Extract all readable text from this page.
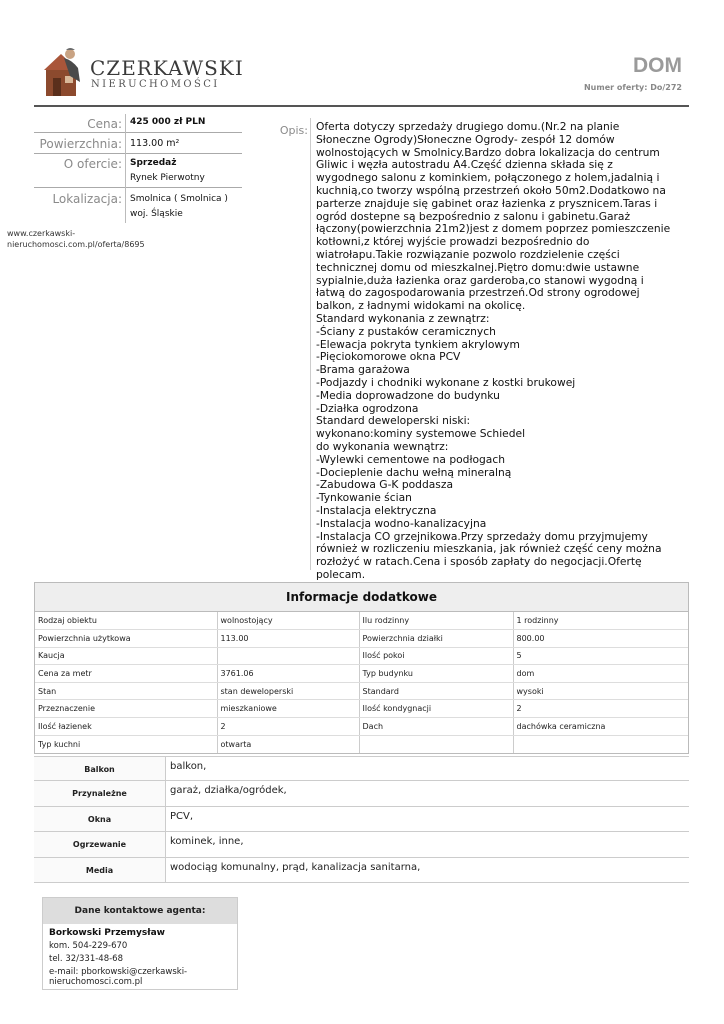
CZERKAWSKI
NIERUCHOMOŚCI
DOM
Numer oferty: Do/272
Cena: 425 000 zł PLN
Powierzchnia: 113.00 m²
O ofercie: Sprzedaż
Rynek Pierwotny
Lokalizacja: Smolnica ( Smolnica )
woj. Śląskie
www.czerkawski-
nieruchomosci.com.pl/oferta/8695
Opis: Oferta dotyczy sprzedaży drugiego domu.(Nr.2 na planie
Słoneczne Ogrody)Słoneczne Ogrody- zespół 12 domów
wolnostojących w Smolnicy.Bardzo dobra lokalizacja do centrum
Gliwic i węzła autostradu A4.Część dzienna składa się z
wygodnego salonu z kominkiem, połączonego z holem,jadalnią i
kuchnią,co tworzy wspólną przestrzeń około 50m2.Dodatkowo na
parterze znajduje się gabinet oraz łazienka z prysznicem.Taras i
ogród dostepne są bezpośrednio z salonu i gabinetu.Garaż
łączony(powierzchnia 21m2)jest z domem poprzez pomieszczenie
kotłowni,z której wyjście prowadzi bezpośrednio do
wiatrołapu.Takie rozwiązanie pozwolo rozdzielenie części
technicznej domu od mieszkalnej.Piętro domu:dwie ustawne
sypialnie,duża łazienka oraz garderoba,co stanowi wygodną i
łatwą do zagospodarowania przestrzeń.Od strony ogrodowej
balkon, z ładnymi widokami na okolicę.
Standard wykonania z zewnątrz:
-Ściany z pustaków ceramicznych
-Elewacja pokryta tynkiem akrylowym
-Pięciokomorowe okna PCV
-Brama garażowa
-Podjazdy i chodniki wykonane z kostki brukowej
-Media doprowadzone do budynku
-Działka ogrodzona
Standard deweloperski niski:
wykonano:kominy systemowe Schiedel
do wykonania wewnątrz:
-Wylewki cementowe na podłogach
-Docieplenie dachu wełną mineralną
-Zabudowa G-K poddasza
-Tynkowanie ścian
-Instalacja elektryczna
-Instalacja wodno-kanalizacyjna
-Instalacja CO grzejnikowa.Przy sprzedaży domu przyjmujemy
również w rozliczeniu mieszkania, jak również część ceny można
rozłożyć w ratach.Cena i sposób zapłaty do negocjacji.Ofertę
polecam.
Informacje dodatkowe
Rodzaj obiektu	wolnostojący	Ilu rodzinny	1 rodzinny
Powierzchnia użytkowa	113.00	Powierzchnia działki	800.00
Kaucja		Ilość pokoi	5
Cena za metr	3761.06	Typ budynku	dom
Stan	stan deweloperski	Standard	wysoki
Przeznaczenie	mieszkaniowe	Ilość kondygnacji	2
Ilość łazienek	2	Dach	dachówka ceramiczna
Typ kuchni	otwarta		
Balkon	balkon,
Przynależne	garaż, działka/ogródek,
Okna	PCV,
Ogrzewanie	kominek, inne,
Media	wodociąg komunalny, prąd, kanalizacja sanitarna,
Dane kontaktowe agenta:
Borkowski Przemysław
kom. 504-229-670
tel. 32/331-48-68
e-mail: pborkowski@czerkawski-
nieruchomosci.com.pl
